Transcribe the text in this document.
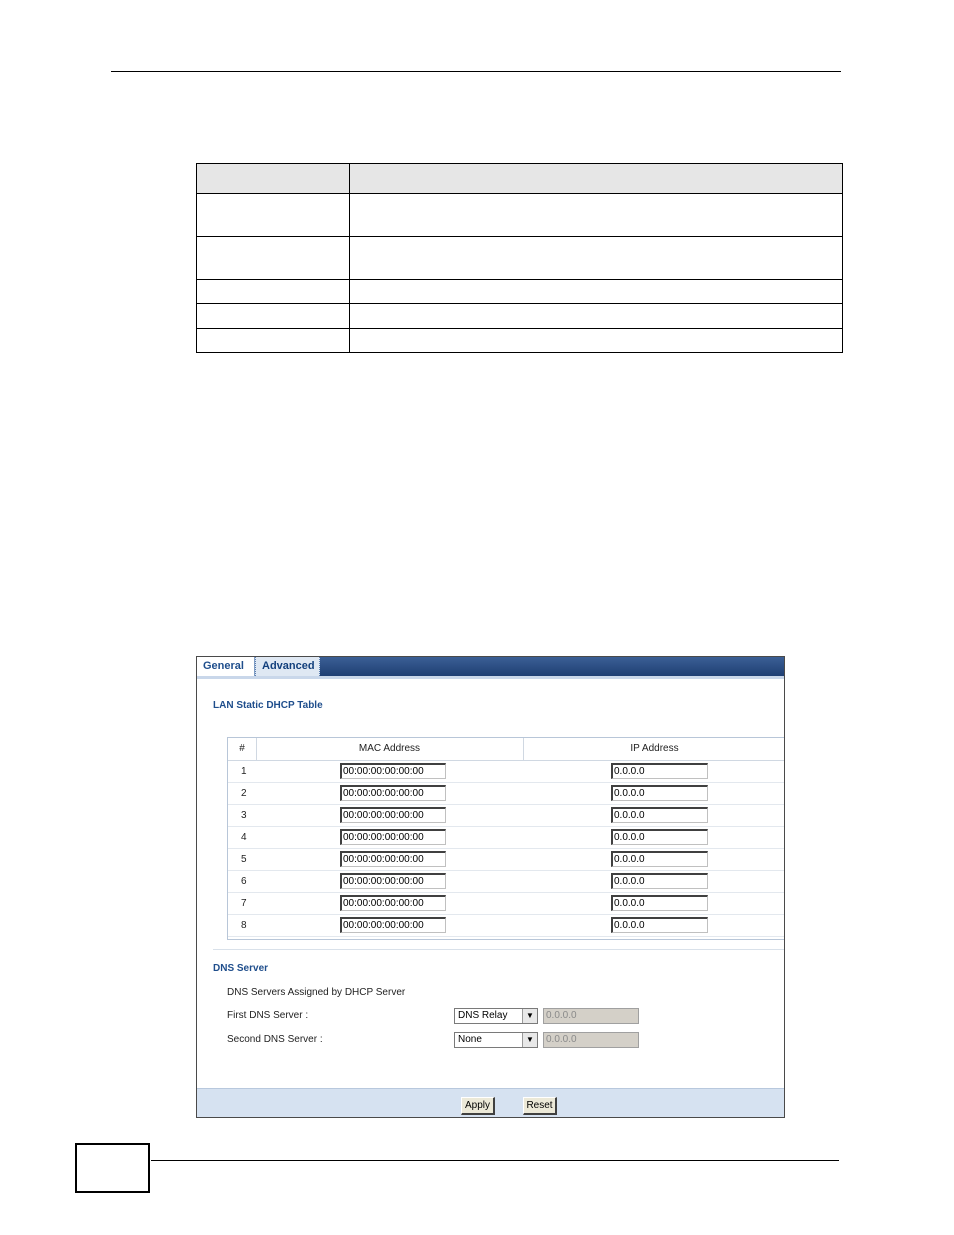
General	Advanced
LAN Static DHCP Table
#	MAC Address	IP Address
1	00:00:00:00:00:00	0.0.0.0
2	00:00:00:00:00:00	0.0.0.0
3	00:00:00:00:00:00	0.0.0.0
4	00:00:00:00:00:00	0.0.0.0
5	00:00:00:00:00:00	0.0.0.0
6	00:00:00:00:00:00	0.0.0.0
7	00:00:00:00:00:00	0.0.0.0
8	00:00:00:00:00:00	0.0.0.0
DNS Server
DNS Servers Assigned by DHCP Server
First DNS Server :	DNS Relay	▼	0.0.0.0
Second DNS Server :	None	▼	0.0.0.0
Apply	Reset
